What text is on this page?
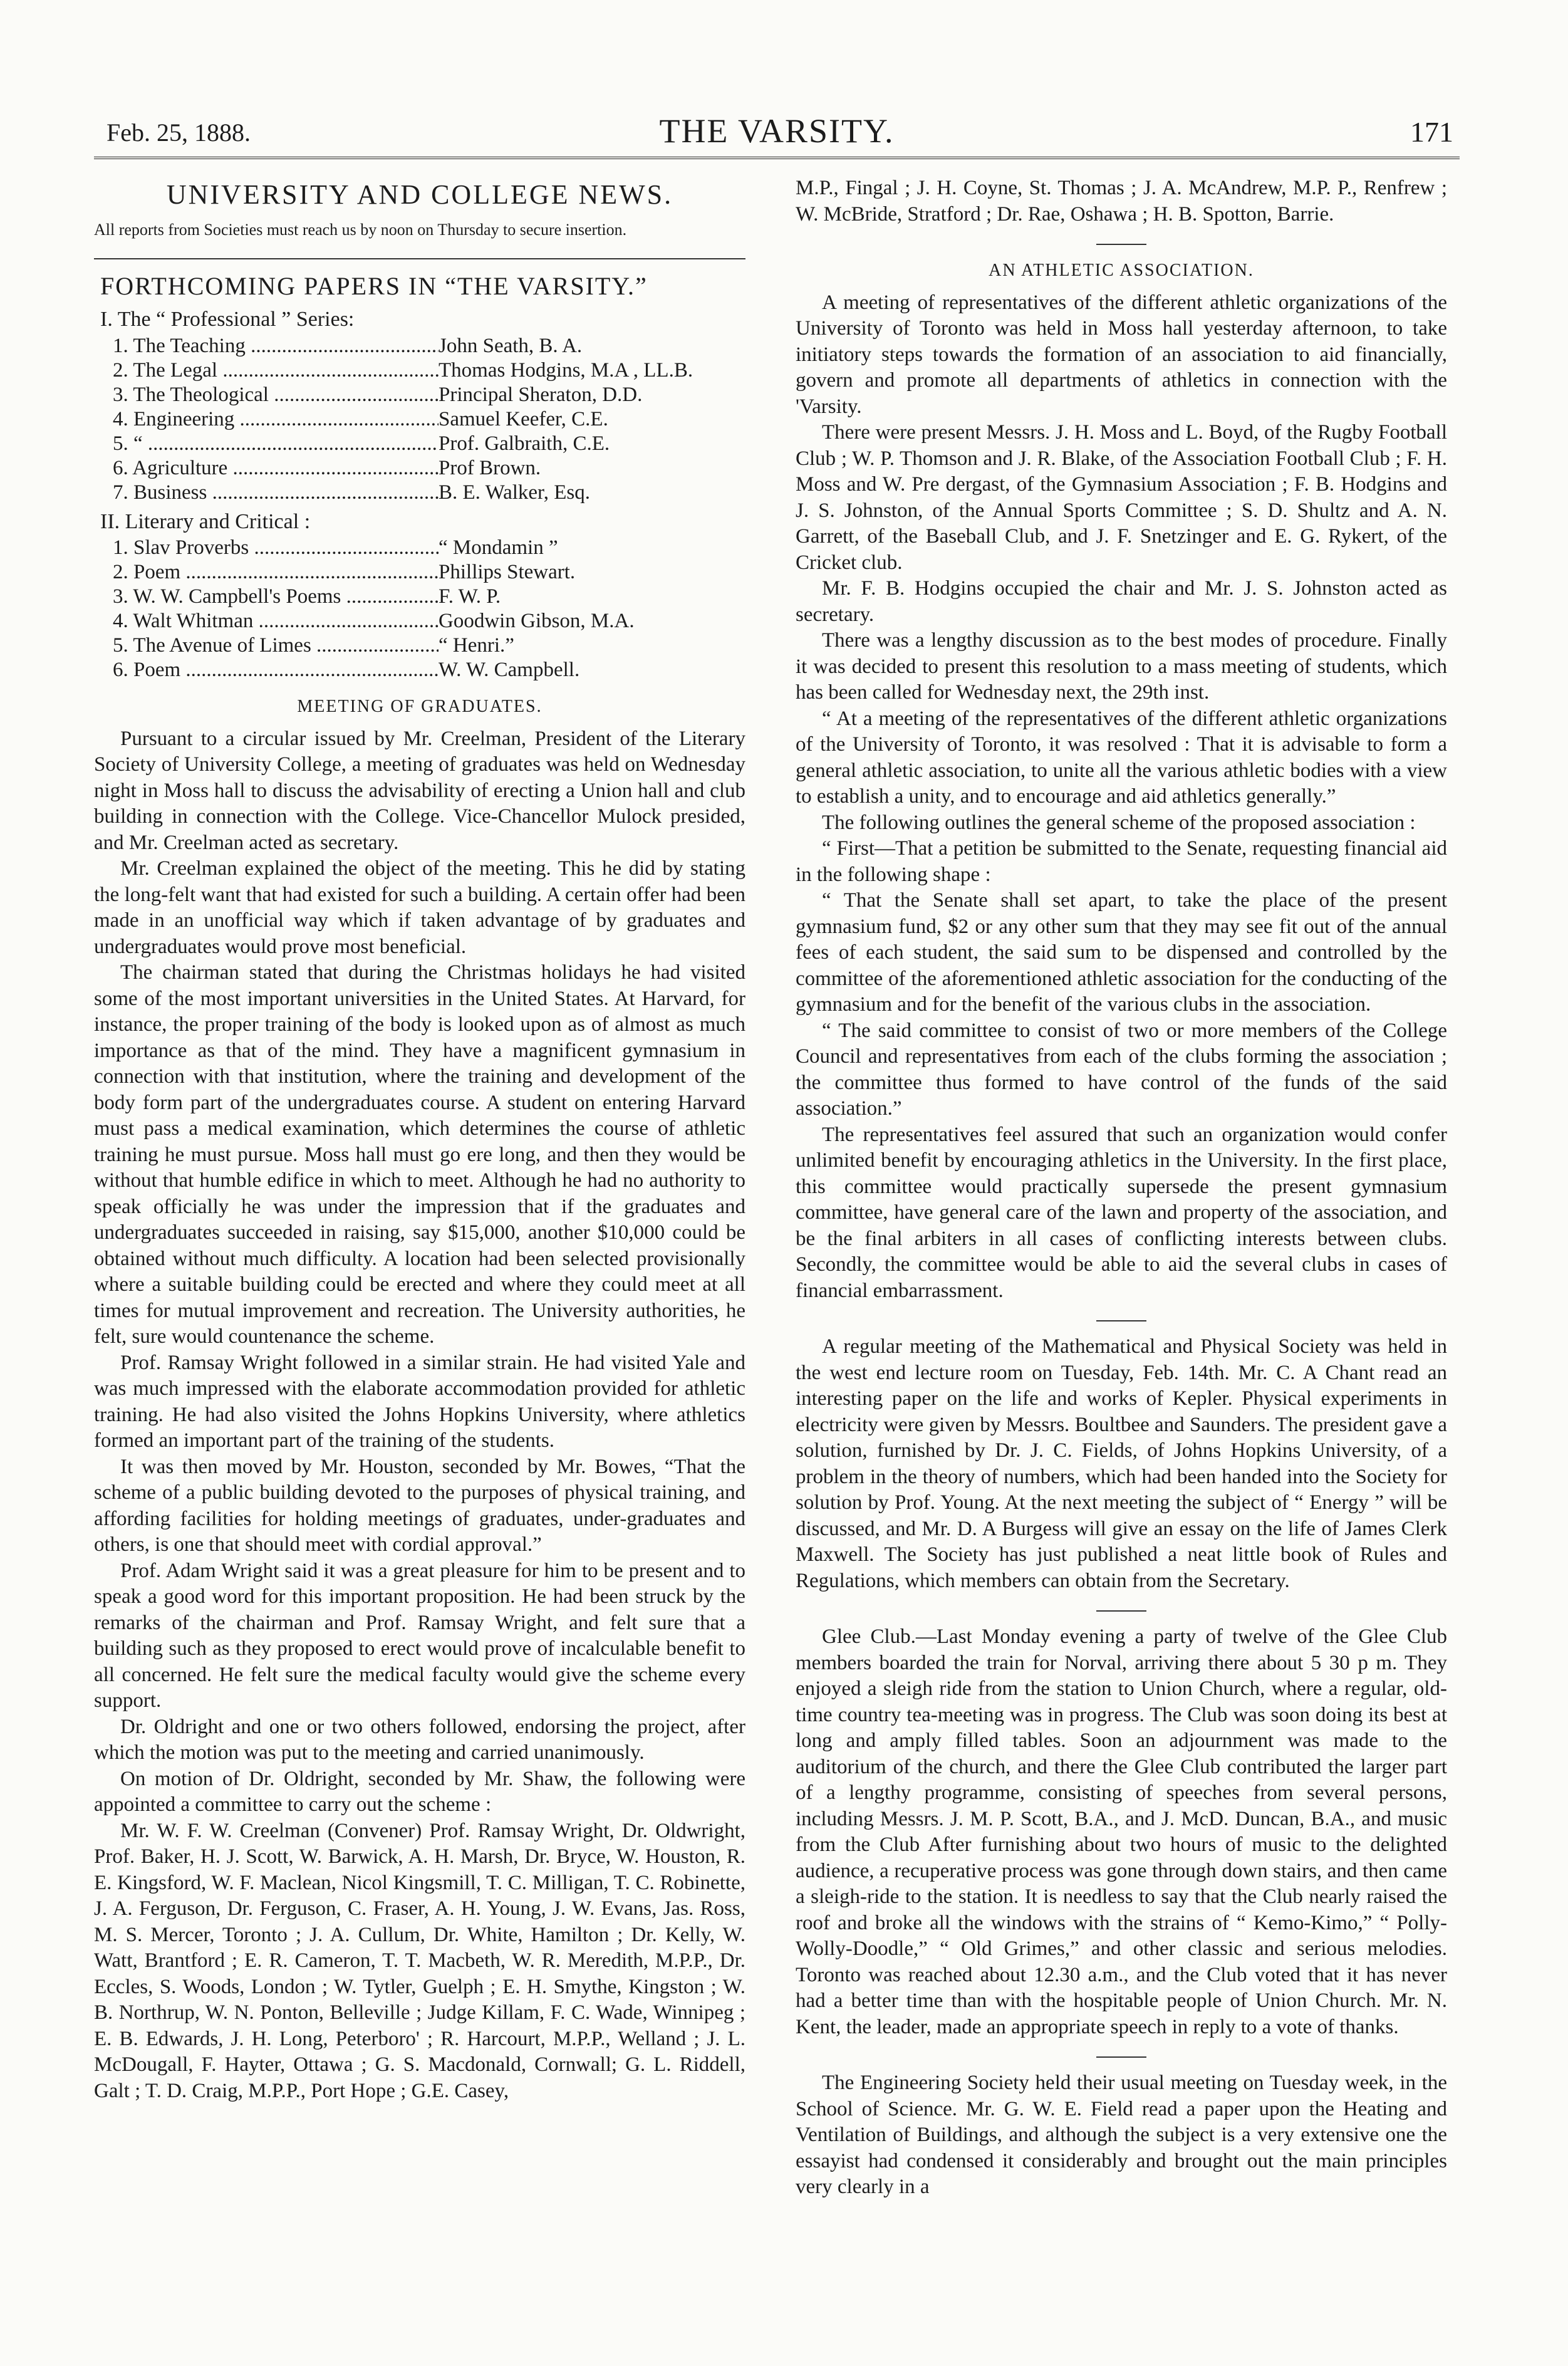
Feb. 25, 1888.	THE VARSITY.	171
UNIVERSITY AND COLLEGE NEWS.

All reports from Societies must reach us by noon on Thursday to secure insertion.

FORTHCOMING PAPERS IN “THE VARSITY.”
I. The “ Professional ” Series:
1. The Teaching .....	John Seath, B. A.
2. The Legal .....	Thomas Hodgins, M.A , LL.B.
3. The Theological .....	Principal Sheraton, D.D.
4. Engineering .....	Samuel Keefer, C.E.
5. “ .....	Prof. Galbraith, C.E.
6. Agriculture .....	Prof Brown.
7. Business .....	B. E. Walker, Esq.
II. Literary and Critical :
1. Slav Proverbs .....	“ Mondamin ”
2. Poem .....	Phillips Stewart.
3. W. W. Campbell's Poems .....	F. W. P.
4. Walt Whitman .....	Goodwin Gibson, M.A.
5. The Avenue of Limes .....	“ Henri.”
6. Poem .....	W. W. Campbell.
MEETING OF GRADUATES.

Pursuant to a circular issued by Mr. Creelman, President of the Literary Society of University College, a meeting of graduates was held on Wednesday night in Moss hall to discuss the advisability of erecting a Union hall and club building in connection with the College. Vice-Chancellor Mulock presided, and Mr. Creelman acted as secretary.

Mr. Creelman explained the object of the meeting. This he did by stating the long-felt want that had existed for such a building. A certain offer had been made in an unofficial way which if taken advantage of by graduates and undergraduates would prove most beneficial.

The chairman stated that during the Christmas holidays he had visited some of the most important universities in the United States. At Harvard, for instance, the proper training of the body is looked upon as of almost as much importance as that of the mind. They have a magnificent gymnasium in connection with that institution, where the training and development of the body form part of the undergraduates course. A student on entering Harvard must pass a medical examination, which determines the course of athletic training he must pursue. Moss hall must go ere long, and then they would be without that humble edifice in which to meet. Although he had no authority to speak officially he was under the impression that if the graduates and undergraduates succeeded in raising, say $15,000, another $10,000 could be obtained without much difficulty. A location had been selected provisionally where a suitable building could be erected and where they could meet at all times for mutual improvement and recreation. The University authorities, he felt, sure would countenance the scheme.

Prof. Ramsay Wright followed in a similar strain. He had visited Yale and was much impressed with the elaborate accommodation provided for athletic training. He had also visited the Johns Hopkins University, where athletics formed an important part of the training of the students.

It was then moved by Mr. Houston, seconded by Mr. Bowes, “That the scheme of a public building devoted to the purposes of physical training, and affording facilities for holding meetings of graduates, under-graduates and others, is one that should meet with cordial approval.”

Prof. Adam Wright said it was a great pleasure for him to be present and to speak a good word for this important proposition. He had been struck by the remarks of the chairman and Prof. Ramsay Wright, and felt sure that a building such as they proposed to erect would prove of incalculable benefit to all concerned. He felt sure the medical faculty would give the scheme every support.

Dr. Oldright and one or two others followed, endorsing the project, after which the motion was put to the meeting and carried unanimously.

On motion of Dr. Oldright, seconded by Mr. Shaw, the following were appointed a committee to carry out the scheme :

Mr. W. F. W. Creelman (Convener) Prof. Ramsay Wright, Dr. Oldwright, Prof. Baker, H. J. Scott, W. Barwick, A. H. Marsh, Dr. Bryce, W. Houston, R. E. Kingsford, W. F. Maclean, Nicol Kingsmill, T. C. Milligan, T. C. Robinette, J. A. Ferguson, Dr. Ferguson, C. Fraser, A. H. Young, J. W. Evans, Jas. Ross, M. S. Mercer, Toronto ; J. A. Cullum, Dr. White, Hamilton ; Dr. Kelly, W. Watt, Brantford ; E. R. Cameron, T. T. Macbeth, W. R. Meredith, M.P.P., Dr. Eccles, S. Woods, London ; W. Tytler, Guelph ; E. H. Smythe, Kingston ; W. B. Northrup, W. N. Ponton, Belleville ; Judge Killam, F. C. Wade, Winnipeg ; E. B. Edwards, J. H. Long, Peterboro' ; R. Harcourt, M.P.P., Welland ; J. L. McDougall, F. Hayter, Ottawa ; G. S. Macdonald, Cornwall; G. L. Riddell, Galt ; T. D. Craig, M.P.P., Port Hope ; G.E. Casey,

M.P., Fingal ; J. H. Coyne, St. Thomas ; J. A. McAndrew, M.P. P., Renfrew ; W. McBride, Stratford ; Dr. Rae, Oshawa ; H. B. Spotton, Barrie.

AN ATHLETIC ASSOCIATION.

A meeting of representatives of the different athletic organizations of the University of Toronto was held in Moss hall yesterday afternoon, to take initiatory steps towards the formation of an association to aid financially, govern and promote all departments of athletics in connection with the 'Varsity.

There were present Messrs. J. H. Moss and L. Boyd, of the Rugby Football Club ; W. P. Thomson and J. R. Blake, of the Association Football Club ; F. H. Moss and W. Pre dergast, of the Gymnasium Association ; F. B. Hodgins and J. S. Johnston, of the Annual Sports Committee ; S. D. Shultz and A. N. Garrett, of the Baseball Club, and J. F. Snetzinger and E. G. Rykert, of the Cricket club.

Mr. F. B. Hodgins occupied the chair and Mr. J. S. Johnston acted as secretary.

There was a lengthy discussion as to the best modes of procedure. Finally it was decided to present this resolution to a mass meeting of students, which has been called for Wednesday next, the 29th inst.

“ At a meeting of the representatives of the different athletic organizations of the University of Toronto, it was resolved : That it is advisable to form a general athletic association, to unite all the various athletic bodies with a view to establish a unity, and to encourage and aid athletics generally.”

The following outlines the general scheme of the proposed association :

“ First—That a petition be submitted to the Senate, requesting financial aid in the following shape :

“ That the Senate shall set apart, to take the place of the present gymnasium fund, $2 or any other sum that they may see fit out of the annual fees of each student, the said sum to be dispensed and controlled by the committee of the aforementioned athletic association for the conducting of the gymnasium and for the benefit of the various clubs in the association.

“ The said committee to consist of two or more members of the College Council and representatives from each of the clubs forming the association ; the committee thus formed to have control of the funds of the said association.”

The representatives feel assured that such an organization would confer unlimited benefit by encouraging athletics in the University. In the first place, this committee would practically supersede the present gymnasium committee, have general care of the lawn and property of the association, and be the final arbiters in all cases of conflicting interests between clubs. Secondly, the committee would be able to aid the several clubs in cases of financial embarrassment.

A regular meeting of the Mathematical and Physical Society was held in the west end lecture room on Tuesday, Feb. 14th. Mr. C. A Chant read an interesting paper on the life and works of Kepler. Physical experiments in electricity were given by Messrs. Boultbee and Saunders. The president gave a solution, furnished by Dr. J. C. Fields, of Johns Hopkins University, of a problem in the theory of numbers, which had been handed into the Society for solution by Prof. Young. At the next meeting the subject of “ Energy ” will be discussed, and Mr. D. A Burgess will give an essay on the life of James Clerk Maxwell. The Society has just published a neat little book of Rules and Regulations, which members can obtain from the Secretary.

Glee Club.—Last Monday evening a party of twelve of the Glee Club members boarded the train for Norval, arriving there about 5 30 p m. They enjoyed a sleigh ride from the station to Union Church, where a regular, old-time country tea-meeting was in progress. The Club was soon doing its best at long and amply filled tables. Soon an adjournment was made to the auditorium of the church, and there the Glee Club contributed the larger part of a lengthy programme, consisting of speeches from several persons, including Messrs. J. M. P. Scott, B.A., and J. McD. Duncan, B.A., and music from the Club After furnishing about two hours of music to the delighted audience, a recuperative process was gone through down stairs, and then came a sleigh-ride to the station. It is needless to say that the Club nearly raised the roof and broke all the windows with the strains of “ Kemo-Kimo,” “ Polly-Wolly-Doodle,” “ Old Grimes,” and other classic and serious melodies. Toronto was reached about 12.30 a.m., and the Club voted that it has never had a better time than with the hospitable people of Union Church. Mr. N. Kent, the leader, made an appropriate speech in reply to a vote of thanks.

The Engineering Society held their usual meeting on Tuesday week, in the School of Science. Mr. G. W. E. Field read a paper upon the Heating and Ventilation of Buildings, and although the subject is a very extensive one the essayist had condensed it considerably and brought out the main principles very clearly in a
